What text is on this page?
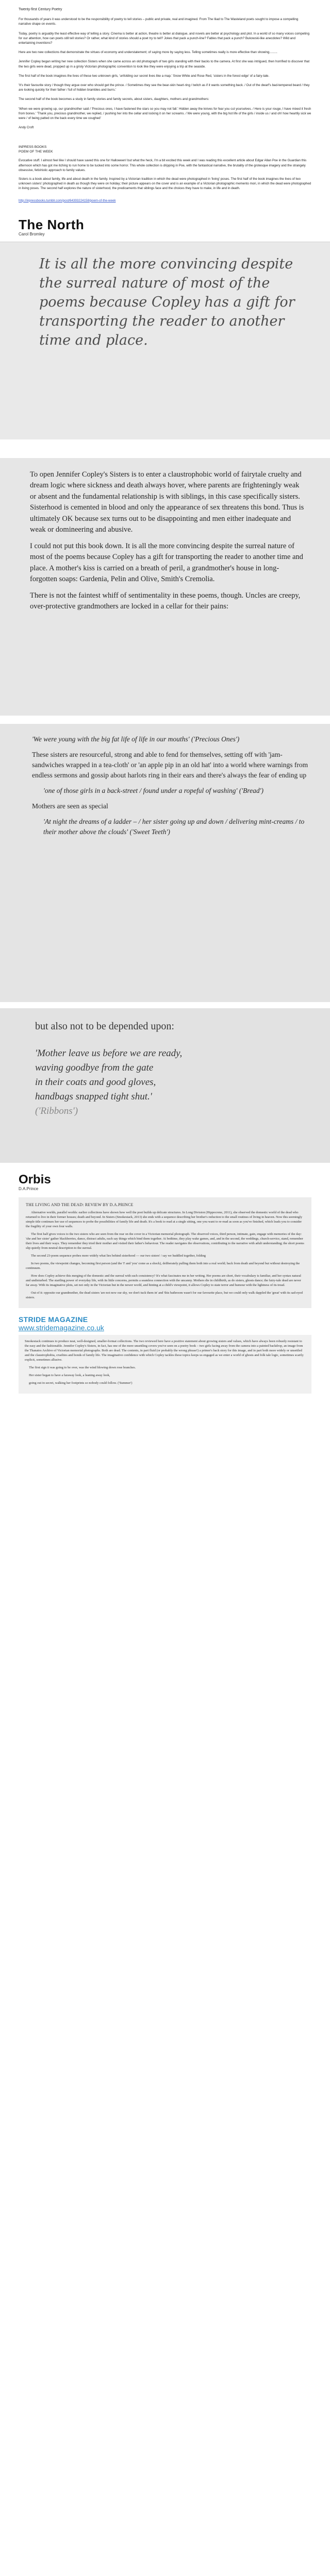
Twenty-first Century Poetry

For thousands of years it was understood to be the responsibility of poetry to tell stories – public and private, real and imagined. From The Iliad to The Wasteland poets sought to impose a compelling narrative shape on events.

Today, poetry is arguably the least effective way of telling a story. Cinema is better at action, theatre is better at dialogue, and novels are better at psychology and plot. In a world of so many voices competing for our attention, how can poets still tell stories? Or rather, what kind of stories should a poet try to tell? Jokes that pack a punch-line? Fables that pack a punch? Bukowski-like anecdotes? Wild and entertaining inventions?

Here are two new collections that demonstrate the virtues of economy and understatement; of saying more by saying less. Telling sometimes really is more effective than showing.........

Jennifer Copley began writing her new collection Sisters when she came across an old photograph of two girls standing with their backs to the camera. At first she was intrigued, then horrified to discover that the two girls were dead, propped up in a grisly Victorian photographic convention to look like they were enjoying a trip at the seaside.

The first half of the book imagines the lives of these two unknown girls, 'unfolding our secret lives like a map.' Snow White and Rose Red, 'sisters in the forest edge' of a fairy-tale.

'It's their favourite story / though they argue over who should get the prince. / Sometimes they see the bear-skin heart-ring / twitch as if it wants something back. / Out of the dwarf's bad-tempered beard / they are looking quickly for their father / full of hidden brambles and burrs.'

The second half of the book becomes a study in family stories and family secrets, about sisters, daughters, mothers and grandmothers:

'When we were growing up, our grandmother said / 'Precious ones, I have fastened the stars so you may not fall.' Hidden away the knives for fear you cut yourselves. / Here is your rouge, I have mixed it fresh from bones.' 'Thank you, precious grandmother, we replied, / pushing her into the cellar and locking it on her screams. / We were young, with the big hot life of the girls / inside us / and oh! how heartily sick we were / of being patted on the back every time we coughed'

Andy Croft

INPRESS BOOKS

POEM OF THE WEEK

Evocative stuff. I almost feel like I should have saved this one for Halloween! but what the heck, I'm a bit excited this week and I was reading this excellent article about Edgar Allan Poe in the Guardian this afternoon which has got me itching to run home to be tucked into some horror. This whole collection is dripping in Poe, with the fantastical narrative, the brutality of the grotesque imagery and the strangely obsessive, fetishistic approach to family values.

Sisters is a book about family, life and about death in the family. Inspired by a Victorian tradition in which the dead were photographed in 'living' poses. The first half of the book imagines the lives of two unknown sisters' photographed in death as though they were on holiday; their picture appears on the cover and is an example of a Victorian photographic memento mori, in which the dead were photographed in living poses. The second half explores the nature of sisterhood, the predicaments that siblings face and the choices they have to make, in life and in death.

http://inpressbooks.tumblr.com/post/64393224158/poem-of-the-week
The North

Carol Bromley

It is all the more convincing despite the surreal nature of most of the poems because Copley has a gift for transporting the reader to another time and place.

To open Jennifer Copley's Sisters is to enter a claustrophobic world of fairytale cruelty and dream logic where sickness and death always hover, where parents are frighteningly weak or absent and the fundamental relationship is with siblings, in this case specifically sisters. Sisterhood is cemented in blood and only the appearance of sex threatens this bond. Thus is ultimately OK because sex turns out to be disappointing and men either inadequate and weak or domineering and abusive.

I could not put this book down. It is all the more convincing despite the surreal nature of most of the poems because Copley has a gift for transporting the reader to another time and place. A mother's kiss is carried on a breath of peril, a grandmother's house in long-forgotten soaps: Gardenia, Pelin and Olive, Smith's Cremolia.

There is not the faintest whiff of sentimentality in these poems, though. Uncles are creepy, over-protective grandmothers are locked in a cellar for their pains:

'We were young with the big fat life of life in our mouths' ('Precious Ones')

These sisters are resourceful, strong and able to fend for themselves, setting off with 'jam-sandwiches wrapped in a tea-cloth' or 'an apple pip in an old hat' into a world where warnings from endless sermons and gossip about harlots ring in their ears and there's always the fear of ending up

'one of those girls in a back-street / found under a ropeful of washing' ('Bread')

Mothers are seen as special

'At night the dreams of a ladder – / her sister going up and down / delivering mint-creams / to their mother above the clouds' ('Sweet Teeth')

but also not to be depended upon:

'Mother leave us before we are ready,
waving goodbye from the gate
in their coats and good gloves,
handbags snapped tight shut.'
('Ribbons')
Orbis

D.A.Prince

THE LIVING AND THE DEAD: REVIEW BY D.A.PRINCE

Alternative worlds, parallel worlds: earlier collections have shown how well the poet builds up delicate structures. In Long Division (Hippocrene, 2011), she observed the domestic world of the dead who returned to live in their former houses; death and beyond. In Sisters (Smokestack, 2013) she ends with a sequence describing her brother's reduction to the small routines of living in heaven. Now this seemingly simple title continues her use of sequences to probe the possibilities of family life and death. It's a book to read at a single sitting, one you want to re-read as soon as you've finished, which leads you to consider the fragility of your own four walls.

The first half gives voices to the two sisters who are seen from the rear on the cover in a Victorian memorial photograph. The observed voices, third person, intimate, gain, engage with memories of the day: 'she and her sister' gather blackberries, dance, distract adults, each say things which bind them together. At bedtime, they play wake games, and, and in the second, the weddings, church-service, stand, remember their lives and their ways. They remember they tried their mother and visited their father's behaviour. The reader navigates the observations, contributing to the narrative with adult understanding; the short poems slip quietly from neutral description to the surreal.

The second 23-poem sequence probes more widely what lies behind sisterhood — our two sisters' / say we huddled together, folding

In two poems, the viewpoint changes, becoming first person (and the 'I' and 'you' come as a shock), deliberately pulling them both into a real world; back from death and beyond but without destroying the continuum.

How does Copley achieve this merging of the domestic and the surreal with such consistency? It's what fascinates me in her writing. Her poems are short, their vocabulary is familiar, and her syntax natural and undisturbed. The startling power of everyday life, with its little concerns, permits a seamless connection with the uncanny. Mothers die in childbirth, as do sisters, ghosts dance; the fairy-tale dead are never far away. With its imaginative plots, set not only in the Victorian but in the newer world, and hinting at a child's viewpoint, it allows Copley to state terror and humour with the lightness of its tread.

Out of it: opposite our grandmother, the dead sisters 'are not now our sky, we don't tuck them in' and 'this bathroom wasn't for our favourite place, but we could only walk dappled the 'great' with its sad-eyed sisters.

STRIDE MAGAZINE
www.stridemagazine.co.uk

Smokestack continues to produce neat, well-designed, smaller-format collections. The two reviewed here have a positive statement about growing sisters and values, which have always been robustly resistant to the easy and the fashionable. Jennifer Copley's Sisters, in fact, has one of the more unsettling covers you've seen on a poetry book – two girls facing away from the camera into a painted backdrop, an image from the Thanatos Archive of Victorian memorial photographs. Both are dead. The contents, in part fluid (or probably the wrong phrase!) a primer's back story for this image, and in part both more widely or unsettled and the claustrophobia, cruelties and bonds of family life. The imaginative confidence with which Copley tackles these topics keeps us engaged as we enter a world of ghosts and folk tale logic, sometimes scarily explicit, sometimes allusive.

The first sign it was going to be over, was the wind blowing down rose branches.

Her sister began to have a faraway look, a leaning away look,

going out in secret, walking her footprints so nobody could follow. ('Summer')
